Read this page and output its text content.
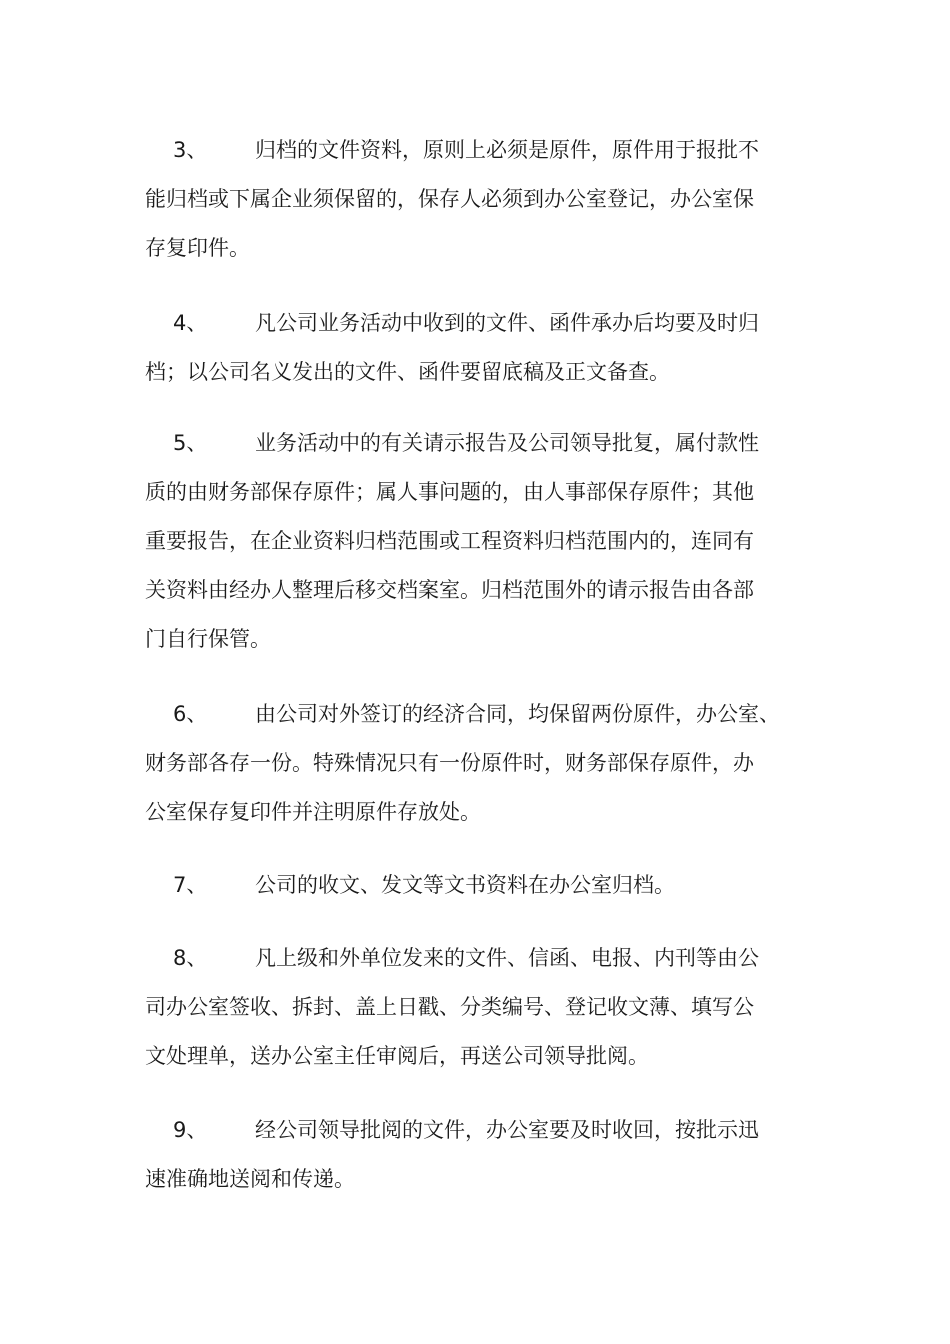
3、 归档的文件资料，原则上必须是原件，原件用于报批不
能归档或下属企业须保留的，保存人必须到办公室登记，办公室保
存复印件。
4、 凡公司业务活动中收到的文件、函件承办后均要及时归
档；以公司名义发出的文件、函件要留底稿及正文备查。
5、 业务活动中的有关请示报告及公司领导批复，属付款性
质的由财务部保存原件；属人事问题的，由人事部保存原件；其他
重要报告，在企业资料归档范围或工程资料归档范围内的，连同有
关资料由经办人整理后移交档案室。归档范围外的请示报告由各部
门自行保管。
6、 由公司对外签订的经济合同，均保留两份原件，办公室、
财务部各存一份。特殊情况只有一份原件时，财务部保存原件，办
公室保存复印件并注明原件存放处。
7、 公司的收文、发文等文书资料在办公室归档。
8、 凡上级和外单位发来的文件、信函、电报、内刊等由公
司办公室签收、拆封、盖上日戳、分类编号、登记收文薄、填写公
文处理单，送办公室主任审阅后，再送公司领导批阅。
9、 经公司领导批阅的文件，办公室要及时收回，按批示迅
速准确地送阅和传递。
